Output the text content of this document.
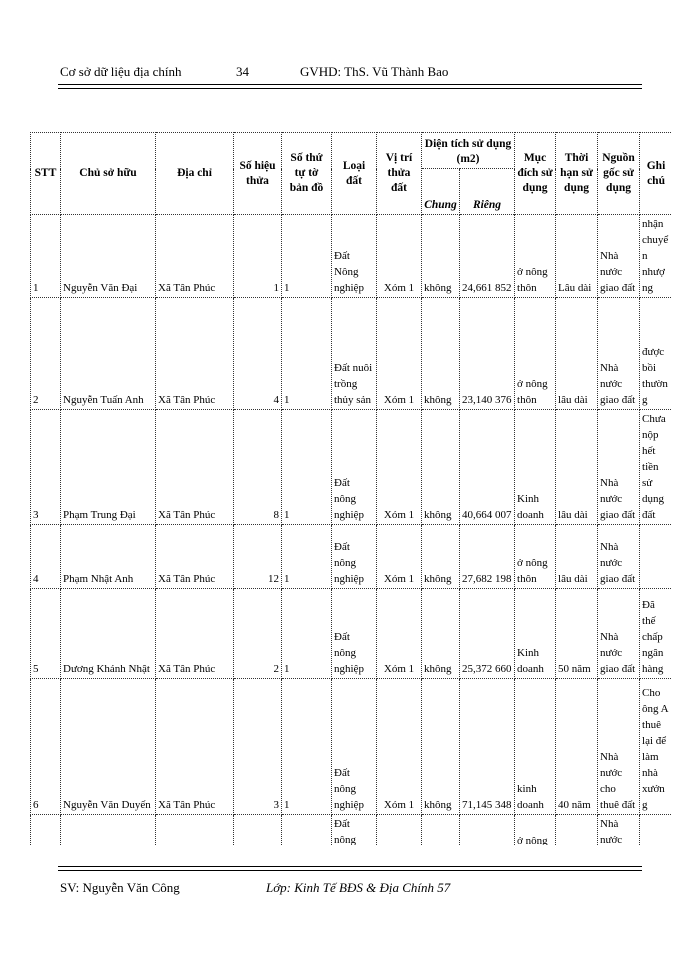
Cơ sở dữ liệu địa chính	34	GVHD: ThS. Vũ Thành Bao
STT	Chủ sở hữu	Địa chỉ	Số hiệu thửa	Số thứ tự tờ bản đồ	Loại đất	Vị trí thửa đất	Diện tích sử dụng (m2)		Mục đích sử dụng	Thời hạn sử dụng	Nguồn gốc sử dụng	Ghi chú
							Chung	Riêng				
1	Nguyễn Văn Đại	Xã Tân Phúc	1	1	Đất Nông nghiệp	Xóm 1	không	24,661 852	ở nông thôn	Lâu dài	Nhà nước giao đất	nhận chuyển nhượng
2	Nguyễn Tuấn Anh	Xã Tân Phúc	4	1	Đất nuôi trồng thủy sản	Xóm 1	không	23,140 376	ở nông thôn	lâu dài	Nhà nước giao đất	được bồi thường
3	Phạm Trung Đại	Xã Tân Phúc	8	1	Đất nông nghiệp	Xóm 1	không	40,664 007	Kinh doanh	lâu dài	Nhà nước giao đất	Chưa nộp hết tiền sử dụng đất
4	Phạm Nhật Anh	Xã Tân Phúc	12	1	Đất nông nghiệp	Xóm 1	không	27,682 198	ở nông thôn	lâu dài	Nhà nước giao đất	
5	Dương Khánh Nhật	Xã Tân Phúc	2	1	Đất nông nghiệp	Xóm 1	không	25,372 660	Kinh doanh	50 năm	Nhà nước giao đất	Đã thế chấp ngân hàng
6	Nguyễn Văn Duyến	Xã Tân Phúc	3	1	Đất nông nghiệp	Xóm 1	không	71,145 348	kinh doanh	40 năm	Nhà nước cho thuê đất	Cho ông A thuê lại để làm nhà xưởng
					Đất nông				ở nông		Nhà nước	
SV: Nguyễn Văn Công	Lớp: Kinh Tế BĐS & Địa Chính 57
